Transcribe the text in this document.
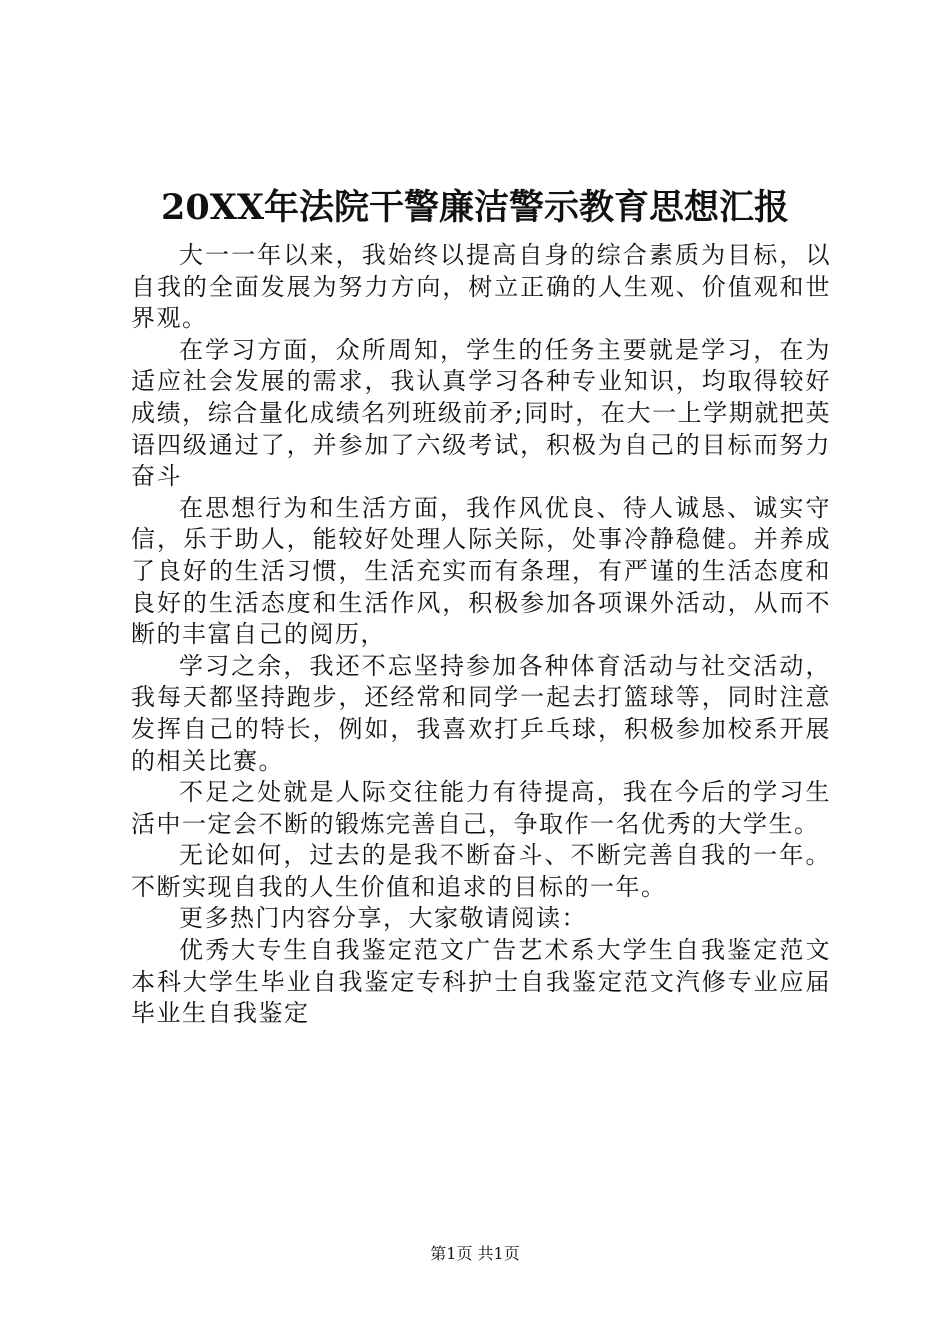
20XX年法院干警廉洁警示教育思想汇报

大一一年以来，我始终以提高自身的综合素质为目标，以自我的全面发展为努力方向，树立正确的人生观、价值观和世界观。

在学习方面，众所周知，学生的任务主要就是学习，在为适应社会发展的需求，我认真学习各种专业知识，均取得较好成绩，综合量化成绩名列班级前矛;同时，在大一上学期就把英语四级通过了，并参加了六级考试，积极为自己的目标而努力奋斗

在思想行为和生活方面，我作风优良、待人诚恳、诚实守信，乐于助人，能较好处理人际关际，处事冷静稳健。并养成了良好的生活习惯，生活充实而有条理，有严谨的生活态度和良好的生活态度和生活作风，积极参加各项课外活动，从而不断的丰富自己的阅历，

学习之余，我还不忘坚持参加各种体育活动与社交活动，我每天都坚持跑步，还经常和同学一起去打篮球等，同时注意发挥自己的特长，例如，我喜欢打乒乓球，积极参加校系开展的相关比赛。

不足之处就是人际交往能力有待提高，我在今后的学习生活中一定会不断的锻炼完善自己，争取作一名优秀的大学生。

无论如何，过去的是我不断奋斗、不断完善自我的一年。不断实现自我的人生价值和追求的目标的一年。

更多热门内容分享，大家敬请阅读：

优秀大专生自我鉴定范文广告艺术系大学生自我鉴定范文本科大学生毕业自我鉴定专科护士自我鉴定范文汽修专业应届毕业生自我鉴定

第1页 共1页
